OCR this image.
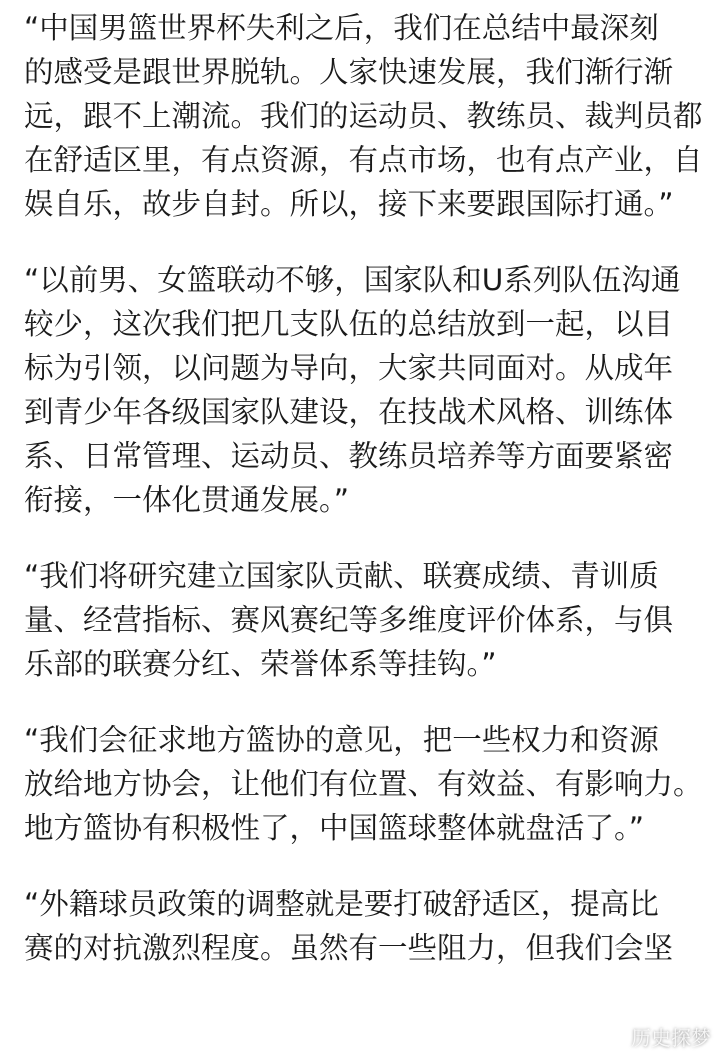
“中国男篮世界杯失利之后，我们在总结中最深刻
的感受是跟世界脱轨。人家快速发展，我们渐行渐
远，跟不上潮流。我们的运动员、教练员、裁判员都
在舒适区里，有点资源，有点市场，也有点产业，自
娱自乐，故步自封。所以，接下来要跟国际打通。”

“以前男、女篮联动不够，国家队和U系列队伍沟通
较少，这次我们把几支队伍的总结放到一起，以目
标为引领，以问题为导向，大家共同面对。从成年
到青少年各级国家队建设，在技战术风格、训练体
系、日常管理、运动员、教练员培养等方面要紧密
衔接，一体化贯通发展。”

“我们将研究建立国家队贡献、联赛成绩、青训质
量、经营指标、赛风赛纪等多维度评价体系，与俱
乐部的联赛分红、荣誉体系等挂钩。”

“我们会征求地方篮协的意见，把一些权力和资源
放给地方协会，让他们有位置、有效益、有影响力。
地方篮协有积极性了，中国篮球整体就盘活了。”

“外籍球员政策的调整就是要打破舒适区，提高比
赛的对抗激烈程度。虽然有一些阻力，但我们会坚

历史探梦
